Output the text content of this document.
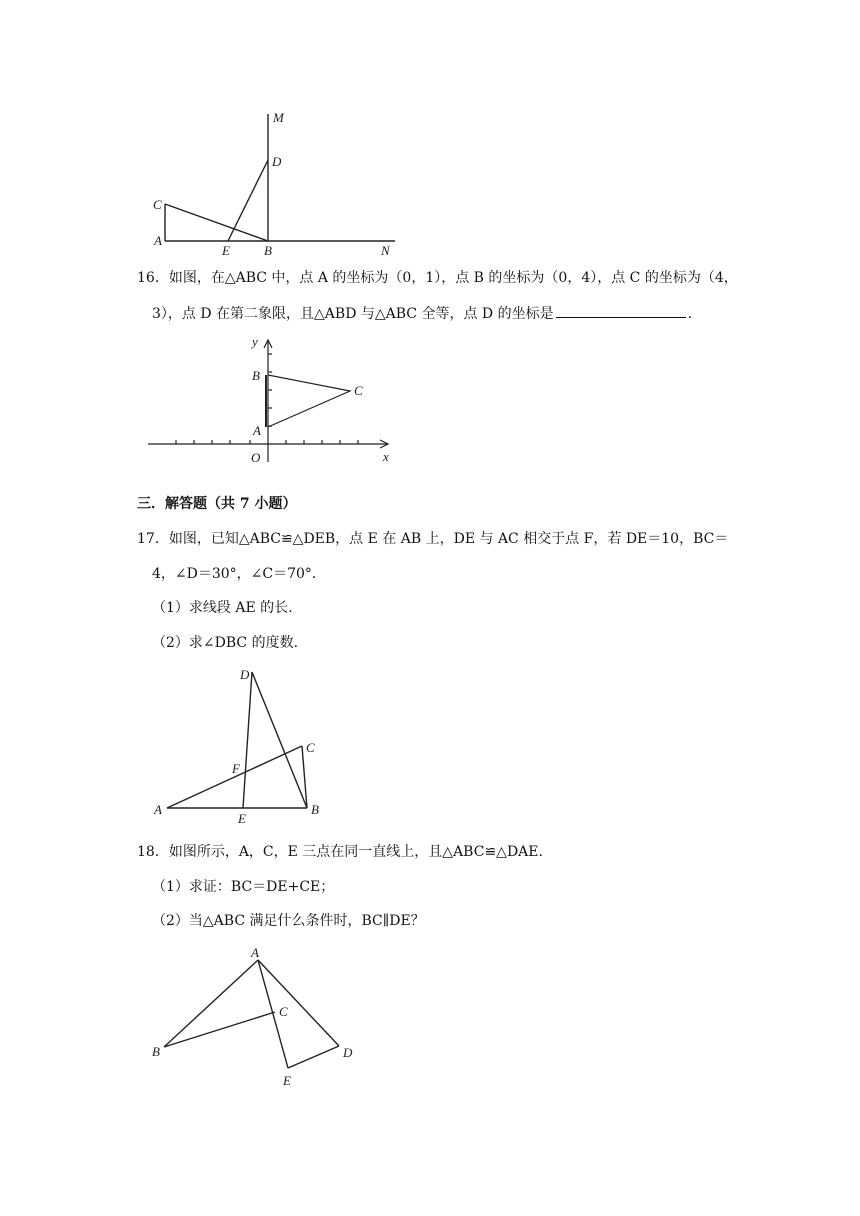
M
D
C
A
E	B	N
16．如图，在△ABC 中，点 A 的坐标为（0，1），点 B 的坐标为（0，4），点 C 的坐标为（4，
3），点 D 在第二象限，且△ABD 与△ABC 全等，点 D 的坐标是	.
y
B
C
A
O	x
三．解答题（共 7 小题）
17．如图，已知△ABC≌△DEB，点 E 在 AB 上，DE 与 AC 相交于点 F，若 DE＝10，BC＝
4，∠D＝30°，∠C＝70°．
（1）求线段 AE 的长.
（2）求∠DBC 的度数.
D
C
F
A
E
B
18．如图所示，A，C，E 三点在同一直线上，且△ABC≌△DAE.
（1）求证：BC＝DE+CE；
（2）当△ABC 满足什么条件时，BC∥DE？
A
C
B	D
E
